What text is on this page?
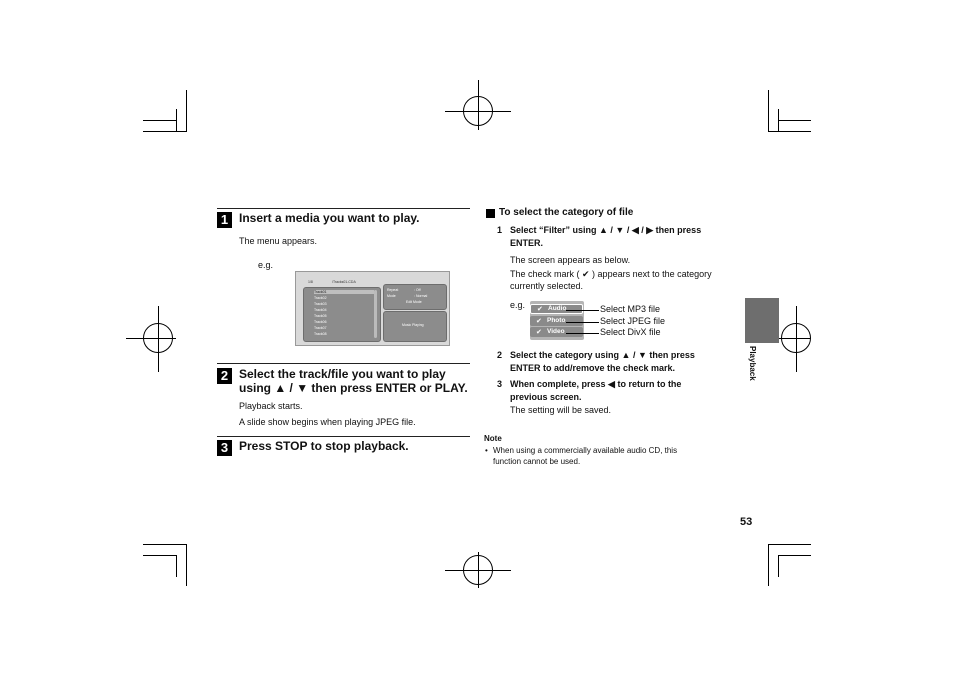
1 Insert a media you want to play.
The menu appears.
e.g.
1/8	\Tracks01-CDA
Track01
Track02
Track03
Track04
Track05
Track06
Track07
Track08
Repeat	: Off
Mode	: Normal
Edit Mode
Music Playing
2 Select the track/file you want to play
using ▲ / ▼ then press ENTER or PLAY.
Playback starts.
A slide show begins when playing JPEG file.
3 Press STOP to stop playback.
To select the category of file
1 Select “Filter” using ▲ / ▼ / ◀ / ▶ then press
ENTER.
The screen appears as below.
The check mark ( ✔ ) appears next to the category
currently selected.
e.g. ✔ Audio
✔ Photo
✔ Video
Select MP3 file
Select JPEG file
Select DivX file
2 Select the category using ▲ / ▼ then press
ENTER to add/remove the check mark.
3 When complete, press ◀ to return to the
previous screen.
The setting will be saved.
Note
• When using a commercially available audio CD, this
function cannot be used.
Playback
53
